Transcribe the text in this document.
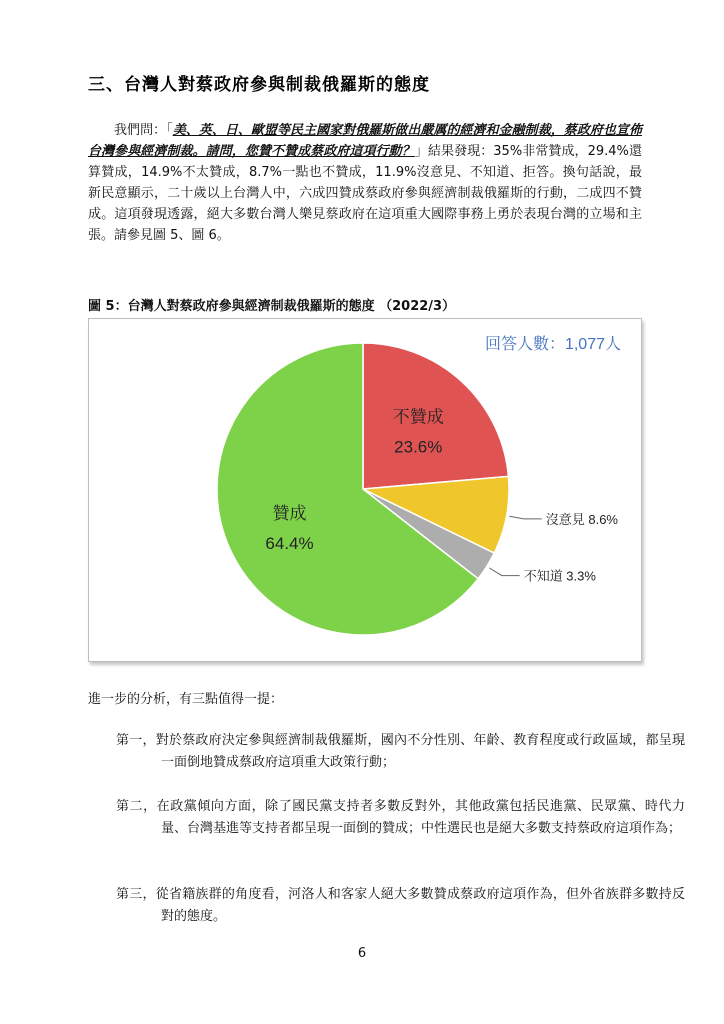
三、台灣人對蔡政府參與制裁俄羅斯的態度

我們問：「美、英、日、歐盟等民主國家對俄羅斯做出嚴厲的經濟和金融制裁，蔡政府也宣佈台灣參與經濟制裁。請問，您贊不贊成蔡政府這項行動？」結果發現：35%非常贊成，29.4%還算贊成，14.9%不太贊成，8.7%一點也不贊成，11.9%沒意見、不知道、拒答。換句話說，最新民意顯示，二十歲以上台灣人中，六成四贊成蔡政府參與經濟制裁俄羅斯的行動，二成四不贊成。這項發現透露，絕大多數台灣人樂見蔡政府在這項重大國際事務上勇於表現台灣的立場和主張。請參見圖 5、圖 6。

圖 5：台灣人對蔡政府參與經濟制裁俄羅斯的態度 （2022/3）
回答人數：1,077人
不贊成
23.6%
沒意見 8.6%
不知道 3.3%
贊成
64.4%
進一步的分析，有三點值得一提：
第一，對於蔡政府決定參與經濟制裁俄羅斯，國內不分性別、年齡、教育程度或行政區域，都呈現一面倒地贊成蔡政府這項重大政策行動；
第二，在政黨傾向方面，除了國民黨支持者多數反對外，其他政黨包括民進黨、民眾黨、時代力量、台灣基進等支持者都呈現一面倒的贊成；中性選民也是絕大多數支持蔡政府這項作為；
第三，從省籍族群的角度看，河洛人和客家人絕大多數贊成蔡政府這項作為，但外省族群多數持反對的態度。
6
